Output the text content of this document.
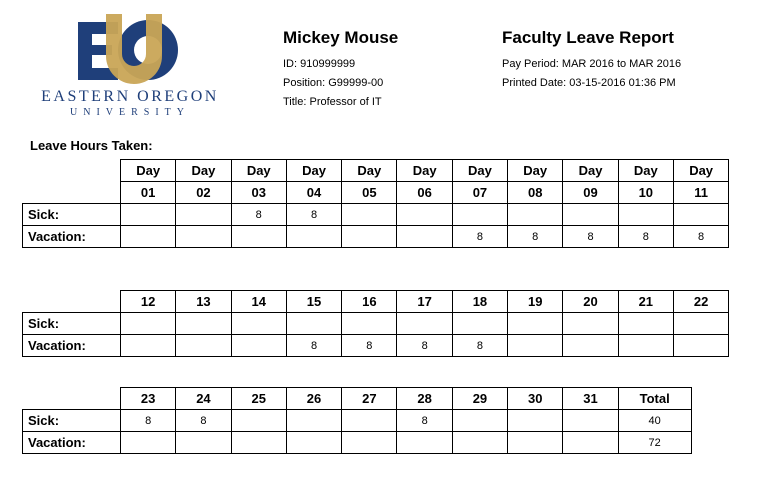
EASTERN OREGON
UNIVERSITY
Mickey Mouse
ID: 910999999
Position: G99999-00
Title: Professor of IT
Faculty Leave Report
Pay Period: MAR 2016 to MAR 2016
Printed Date: 03-15-2016 01:36 PM
Leave Hours Taken:
	Day	Day	Day	Day	Day	Day	Day	Day	Day	Day	Day
	01	02	03	04	05	06	07	08	09	10	11
Sick:			8	8							
Vacation:							8	8	8	8	8
	12	13	14	15	16	17	18	19	20	21	22
Sick:											
Vacation:				8	8	8	8				
	23	24	25	26	27	28	29	30	31	Total
Sick:	8	8				8				40
Vacation:										72
